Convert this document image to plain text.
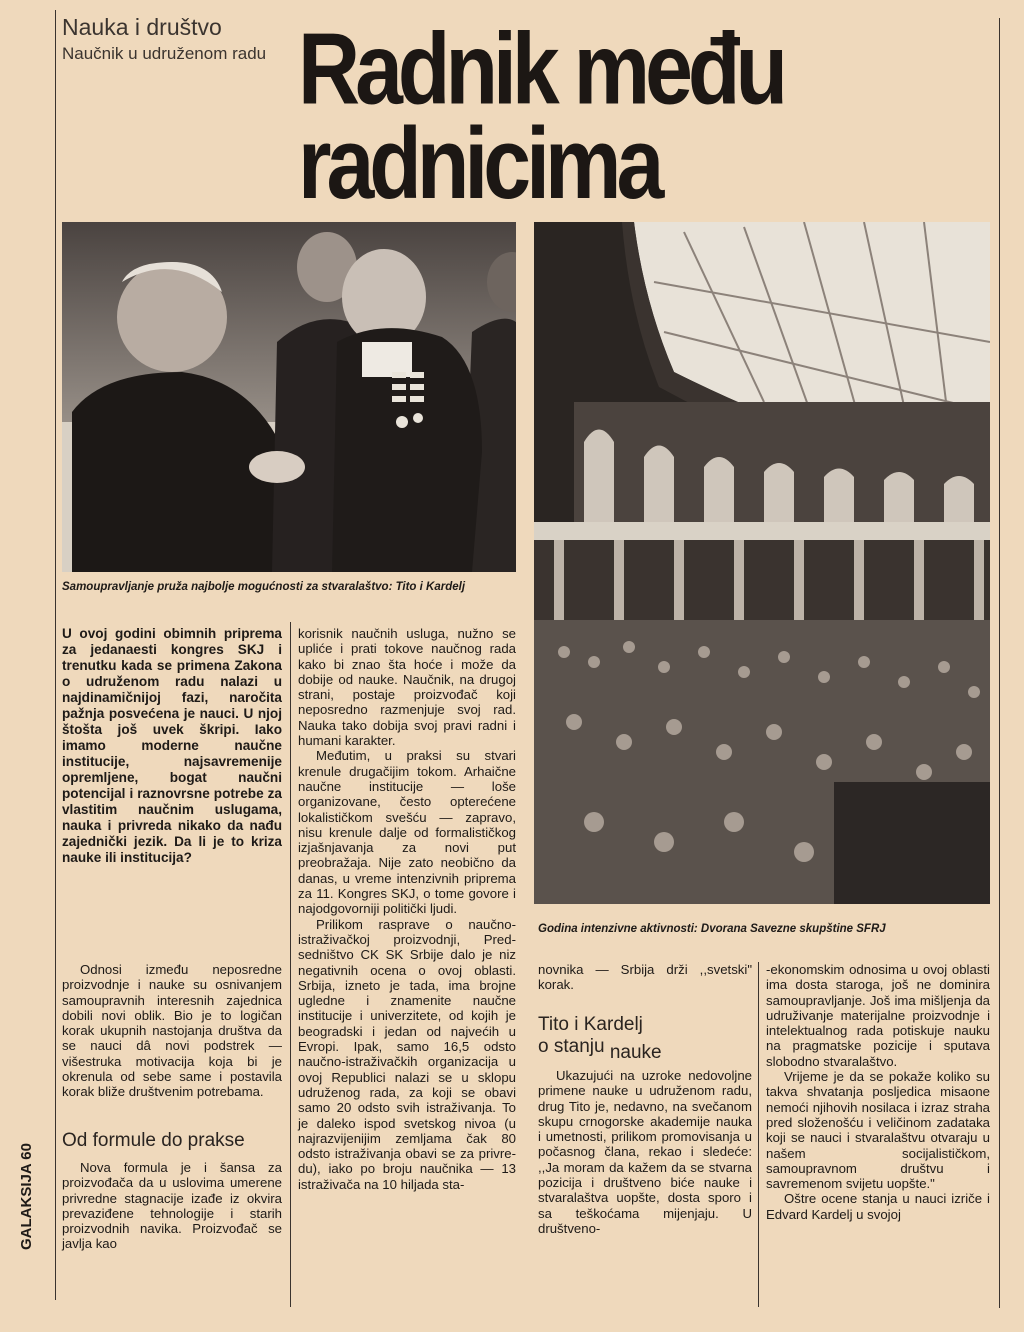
Nauka i društvo
Naučnik u udruženom radu Radnik među radnicima
Samoupravljanje pruža najbolje mogućnosti za stvaralaštvo: Tito i Kardelj
Godina intenzivne aktivnosti: Dvorana Savezne skupštine SFRJ
GALAKSIJA 60

U ovoj godini obimnih priprema za jedanaesti kongres SKJ i trenutku kada se primena Zakona o udruženom radu nalazi u najdinamičnijoj fazi, naročita pažnja posvećena je nauci. U njoj štošta još uvek škripi. Iako imamo moderne naučne institucije, najsavremenije opremljene, bogat naučni potencijal i raznovrsne potrebe za vlastitim naučnim uslugama, nauka i privreda nikako da nađu zajednički jezik. Da li je to kriza nauke ili institucija?

Odnosi između neposredne proizvodnje i nauke su osnivanjem samoupravnih interesnih zajednica dobili novi oblik. Bio je to logičan korak ukupnih nastojanja društva da se nauci dâ novi podstrek — višestruka motivacija koja bi je okrenula od sebe same i postavila korak bliže društvenim potrebama.

Od formule do prakse

Nova formula je i šansa za proizvođača da u uslovima umerene privredne stagnacije izađe iz okvira prevaziđene tehnologije i starih proizvodnih navika. Proizvođač se javlja kao

korisnik naučnih usluga, nužno se upliće i prati tokove naučnog rada kako bi znao šta hoće i može da dobije od nauke. Naučnik, na drugoj strani, postaje proizvođač koji neposredno razmenjuje svoj rad. Nauka tako dobija svoj pravi radni i humani karakter.

Međutim, u praksi su stvari krenule drugačijim tokom. Arhaične naučne institucije — loše organizovane, često opterećene lokalističkom svešću — zapravo, nisu krenule dalje od formalističkog izjašnjavanja za novi put preobražaja. Nije zato neobično da danas, u vreme intenzivnih priprema za 11. Kongres SKJ, o tome govore i najodgovorniji politički ljudi.

Prilikom rasprave o naučno-istraživačkoj proizvodnji, Predsedništvo CK SK Srbije dalo je niz negativnih ocena o ovoj oblasti. Srbija, izneto je tada, ima brojne ugledne i znamenite naučne institucije i univerzitete, od kojih je beogradski i jedan od najvećih u Evropi. Ipak, samo 16,5 odsto naučno-istraživačkih organizacija u ovoj Republici nalazi se u sklopu udruženog rada, za koji se obavi samo 20 odsto svih istraživanja. To je daleko ispod svetskog nivoa (u najrazvijenijim zemljama čak 80 odsto istraživanja obavi se za privredu), iako po broju naučnika — 13 istraživača na 10 hiljada sta-

novnika — Srbija drži ,,svetski" korak.

Tito i Kardelj
o stanju nauke

Ukazujući na uzroke nedovoljne primene nauke u udruženom radu, drug Tito je, nedavno, na svečanom skupu crnogorske akademije nauka i umetnosti, prilikom promovisanja u počasnog člana, rekao i sledeće: ,,Ja moram da kažem da se stvarna pozicija i društveno biće nauke i stvaralaštva uopšte, dosta sporo i sa teškoćama mijenjaju. U društveno-

-ekonomskim odnosima u ovoj oblasti ima dosta staroga, još ne dominira samoupravljanje. Još ima mišljenja da udruživanje materijalne proizvodnje i intelektualnog rada potiskuje nauku na pragmatske pozicije i sputava slobodno stvaralaštvo.

Vrijeme je da se pokaže koliko su takva shvatanja posljedica misaone nemoći njihovih nosilaca i izraz straha pred složenošću i veličinom zadataka koji se nauci i stvaralaštvu otvaraju u našem socijalističkom, samoupravnom društvu i savremenom svijetu uopšte."

Oštre ocene stanja u nauci izriče i Edvard Kardelj u svojoj
